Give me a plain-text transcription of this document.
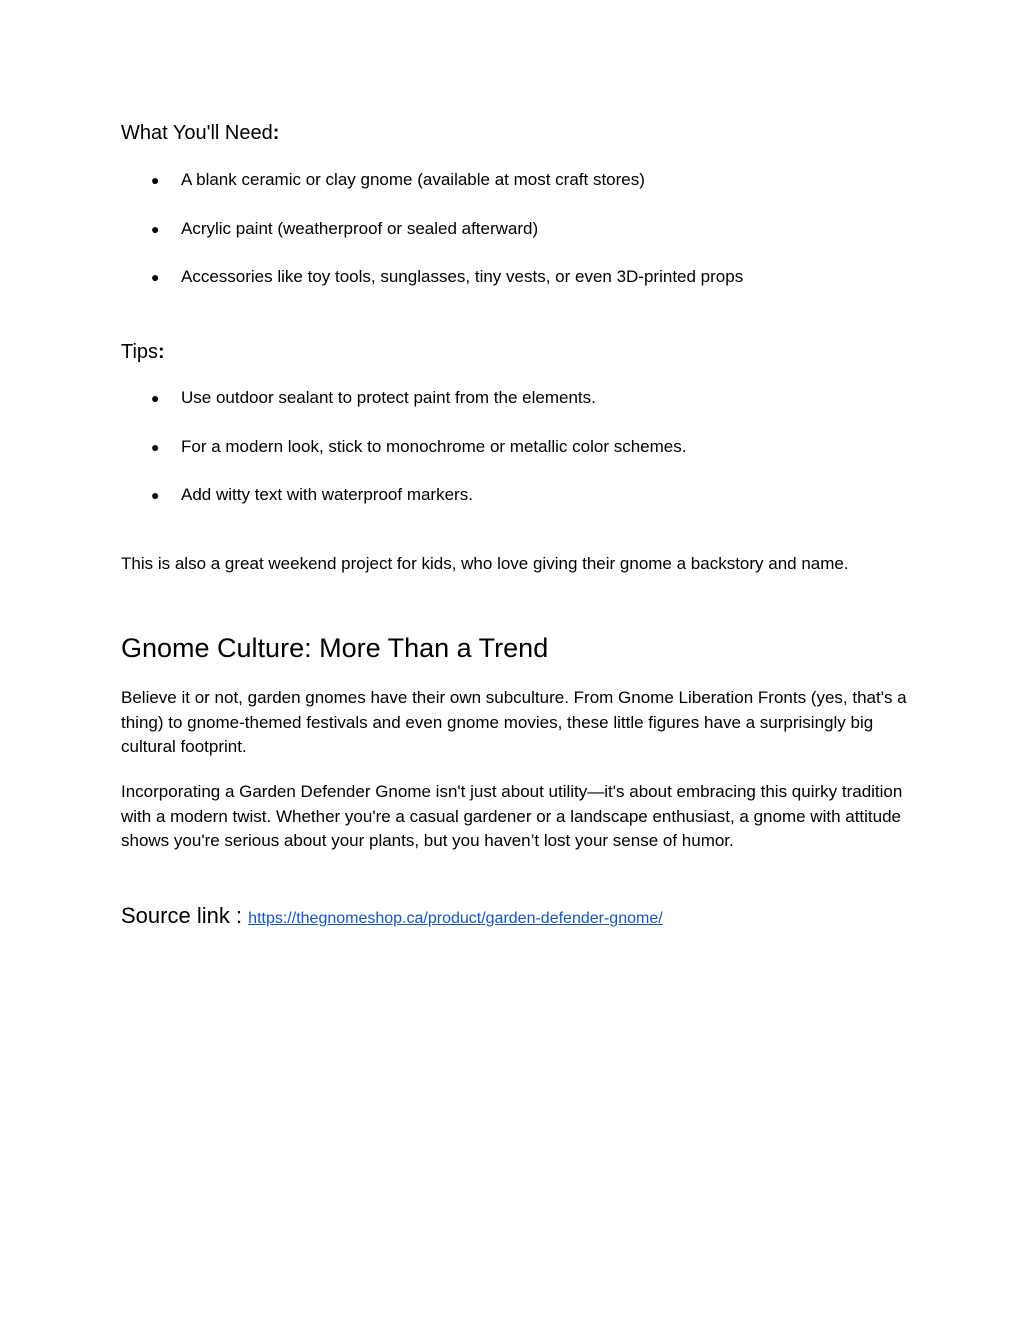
What You'll Need:
● A blank ceramic or clay gnome (available at most craft stores)
● Acrylic paint (weatherproof or sealed afterward)
● Accessories like toy tools, sunglasses, tiny vests, or even 3D-printed props
Tips:
● Use outdoor sealant to protect paint from the elements.
● For a modern look, stick to monochrome or metallic color schemes.
● Add witty text with waterproof markers.

This is also a great weekend project for kids, who love giving their gnome a backstory and name.

Gnome Culture: More Than a Trend

Believe it or not, garden gnomes have their own subculture. From Gnome Liberation Fronts (yes, that's a thing) to gnome-themed festivals and even gnome movies, these little figures have a surprisingly big cultural footprint.

Incorporating a Garden Defender Gnome isn't just about utility—it's about embracing this quirky tradition with a modern twist. Whether you're a casual gardener or a landscape enthusiast, a gnome with attitude shows you're serious about your plants, but you haven’t lost your sense of humor.

Source link : https://thegnomeshop.ca/product/garden-defender-gnome/
